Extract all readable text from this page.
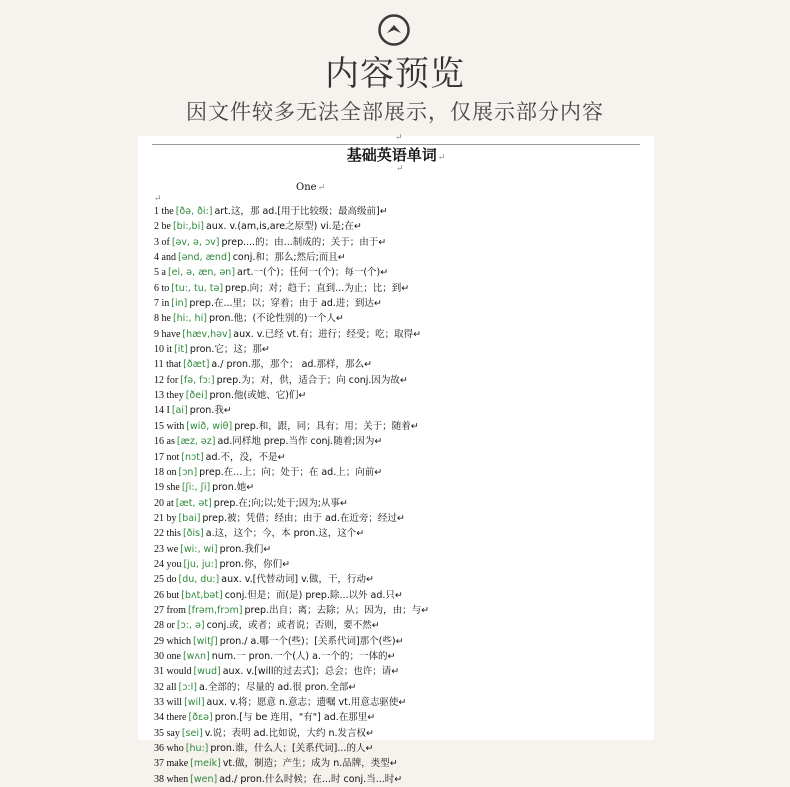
内容预览
因文件较多无法全部展示，仅展示部分内容
↵
基础英语单词↵
↵
One↵
↵
1 the [ðə, ði:] art.这，那 ad.[用于比较级；最高级前]↵
2 be [bi:,bi] aux. v.(am,is,are之原型) vi.是;在↵
3 of [əv, ə, ɔv] prep....的；由...制成的；关于；由于↵
4 and [ənd, ænd] conj.和；那么;然后;而且↵
5 a [ei, ə, æn, ən] art.一(个)；任何一(个)；每一(个)↵
6 to [tu:, tu, tə] prep.向；对；趋于；直到...为止；比；到↵
7 in [in] prep.在...里；以；穿着；由于 ad.进；到达↵
8 he [hi:, hi] pron.他；(不论性别的)一个人↵
9 have [hæv,həv] aux. v.已经 vt.有；进行；经受；吃；取得↵
10 it [it] pron.它；这；那↵
11 that [ðæt] a./ pron.那，那个； ad.那样，那么↵
12 for [fə, fɔ:] prep.为；对，供，适合于；向 conj.因为故↵
13 they [ðei] pron.他(或她、它)们↵
14 I [ai] pron.我↵
15 with [wið, wiθ] prep.和，跟，同；具有；用；关于；随着↵
16 as [æz, əz] ad.同样地 prep.当作 conj.随着;因为↵
17 not [nɔt] ad.不，没，不是↵
18 on [ɔn] prep.在...上；向；处于；在 ad.上；向前↵
19 she [ʃi:, ʃi] pron.她↵
20 at [æt, ət] prep.在;向;以;处于;因为;从事↵
21 by [bai] prep.被；凭借；经由；由于 ad.在近旁；经过↵
22 this [ðis] a.这，这个；今，本 pron.这，这个↵
23 we [wi:, wi] pron.我们↵
24 you [ju, ju:] pron.你，你们↵
25 do [du, du:] aux. v.[代替动词] v.做，干，行动↵
26 but [bʌt,bət] conj.但是；而(是) prep.除...以外 ad.只↵
27 from [frəm,frɔm] prep.出自；离；去除；从；因为，由；与↵
28 or [ɔ:, ə] conj.或，或者；或者说；否则，要不然↵
29 which [witʃ] pron./ a.哪一个(些)；[关系代词]那个(些)↵
30 one [wʌn] num.一 pron.一个(人) a.一个的；一体的↵
31 would [wud] aux. v.[will的过去式]；总会；也许；请↵
32 all [ɔ:l] a.全部的；尽量的 ad.很 pron.全部↵
33 will [wil] aux. v.将；愿意 n.意志；遗嘱 vt.用意志驱使↵
34 there [ðɛə] pron.[与 be 连用，"有"] ad.在那里↵
35 say [sei] v.说；表明 ad.比如说，大约 n.发言权↵
36 who [hu:] pron.谁，什么人；[关系代词]...的人↵
37 make [meik] vt.做，制造；产生；成为 n.品牌，类型↵
38 when [wen] ad./ pron.什么时候；在...时 conj.当...时↵
